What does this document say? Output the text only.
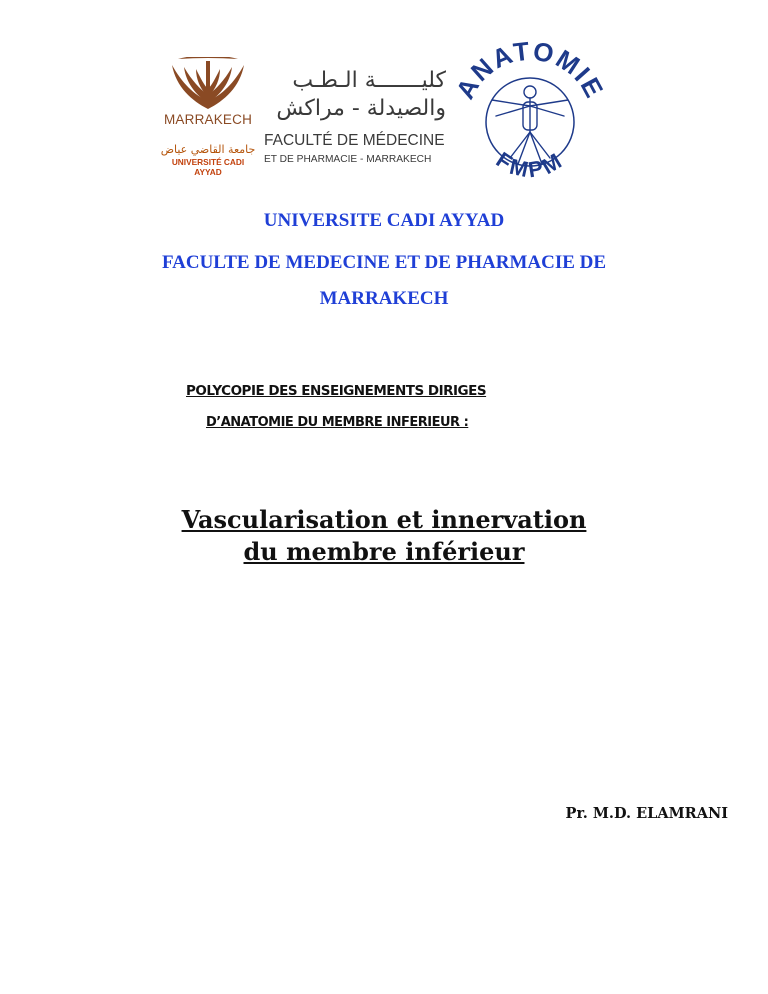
MARRAKECH
جامعة القاضي عياض
UNIVERSITÉ CADI AYYAD
كليـــــــة الـطـب
والصيدلة - مراكش
FACULTÉ DE MÉDECINE
ET DE PHARMACIE - MARRAKECH
ANATOMIE
FMPM
UNIVERSITE CADI AYYAD
FACULTE DE MEDECINE ET DE PHARMACIE DE
MARRAKECH
POLYCOPIE DES ENSEIGNEMENTS DIRIGES
D’ANATOMIE DU MEMBRE INFERIEUR :
Vascularisation et innervation
du membre inférieur
Pr. M.D. ELAMRANI
